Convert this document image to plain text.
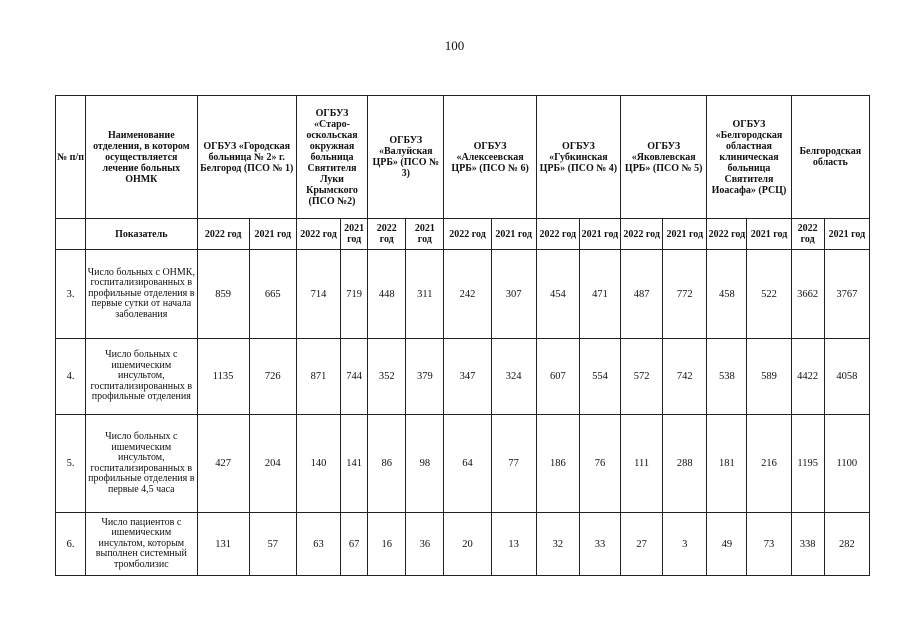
100
№ п/п	Наименование отделения, в котором осуществляется лечение больных ОНМК	ОГБУЗ «Городская больница № 2» г. Белгород (ПСО № 1)		ОГБУЗ «Старо-оскольская окружная больница Святителя Луки Крымского (ПСО №2)		ОГБУЗ «Валуйская ЦРБ» (ПСО № 3)		ОГБУЗ «Алексеевская ЦРБ» (ПСО № 6)		ОГБУЗ «Губкинская ЦРБ» (ПСО № 4)		ОГБУЗ «Яковлевская ЦРБ» (ПСО № 5)		ОГБУЗ «Белгородская областная клиническая больница Святителя Иоасафа» (РСЦ)		Белгородская область	
	Показатель	2022 год	2021 год	2022 год	2021 год	2022 год	2021 год	2022 год	2021 год	2022 год	2021 год	2022 год	2021 год	2022 год	2021 год	2022 год	2021 год
3.	Число больных с ОНМК, госпитализированных в профильные отделения в первые сутки от начала заболевания	859	665	714	719	448	311	242	307	454	471	487	772	458	522	3662	3767
4.	Число больных с ишемическим инсультом, госпитализированных в профильные отделения	1135	726	871	744	352	379	347	324	607	554	572	742	538	589	4422	4058
5.	Число больных с ишемическим инсультом, госпитализированных в профильные отделения в первые 4,5 часа	427	204	140	141	86	98	64	77	186	76	111	288	181	216	1195	1100
6.	Число пациентов с ишемическим инсультом, которым выполнен системный тромболизис	131	57	63	67	16	36	20	13	32	33	27	3	49	73	338	282
